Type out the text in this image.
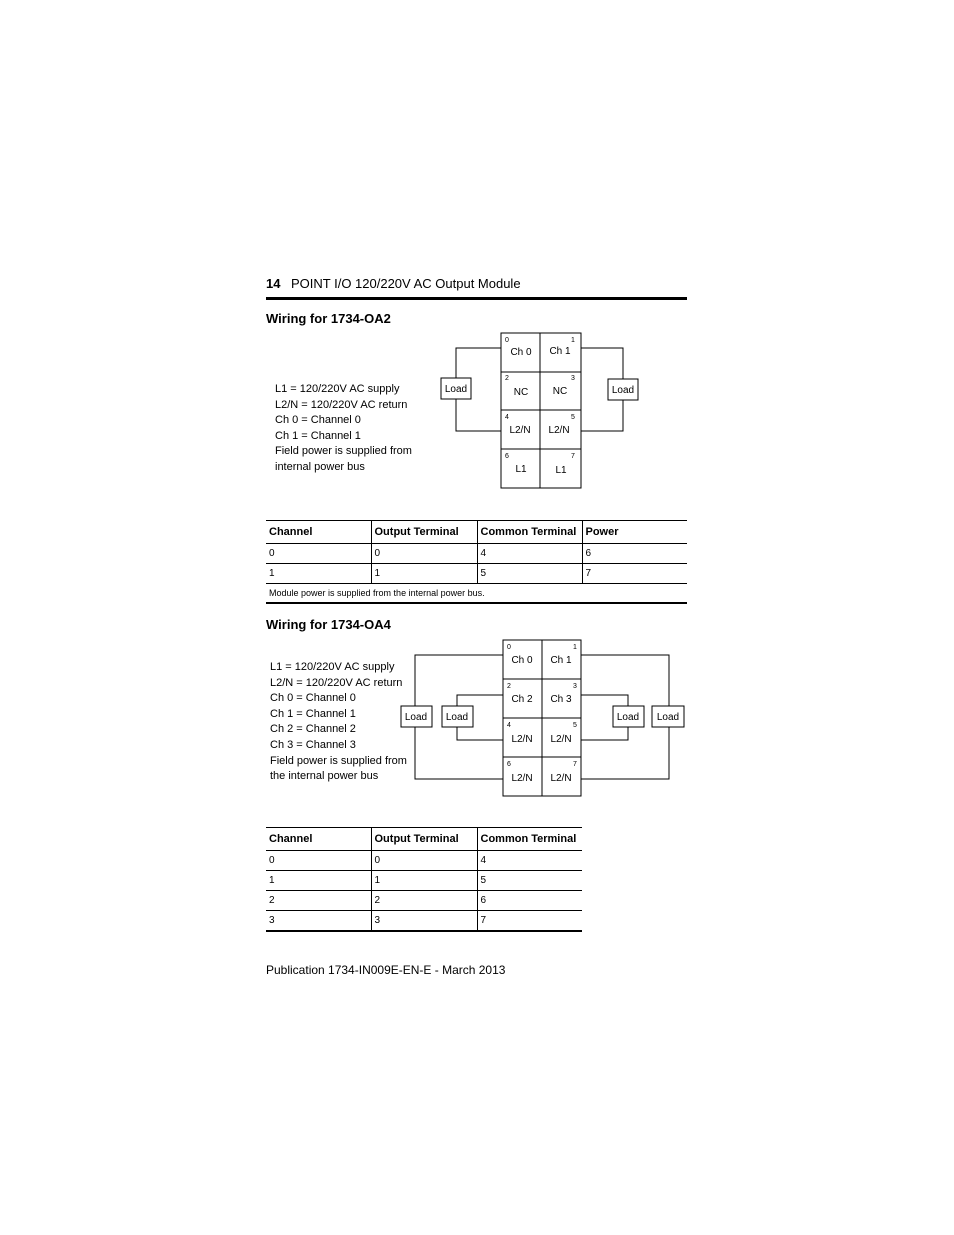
14 POINT I/O 120/220V AC Output Module
Wiring for 1734-OA2
L1 = 120/220V AC supply
L2/N = 120/220V AC return
Ch 0 = Channel 0
Ch 1 = Channel 1
Field power is supplied from
internal power bus
0	1
2	3
4	5
6	7
Ch 0 Ch 1
NC NC
L2/N L2/N
L1	L1
Load	Load
0	1
2	3
4	5
6	7
Ch 0 Ch 1
Ch 2 Ch 3
L2/N L2/N
L2/N L2/N
Load Load	Load Load
Channel	Output Terminal	Common Terminal	Power
0	0	4	6
1	1	5	7
Module power is supplied from the internal power bus.			
Wiring for 1734-OA4
L1 = 120/220V AC supply
L2/N = 120/220V AC return
Ch 0 = Channel 0
Ch 1 = Channel 1
Ch 2 = Channel 2
Ch 3 = Channel 3
Field power is supplied from
the internal power bus
Channel	Output Terminal	Common Terminal
0	0	4
1	1	5
2	2	6
3	3	7
Publication 1734-IN009E-EN-E - March 2013
